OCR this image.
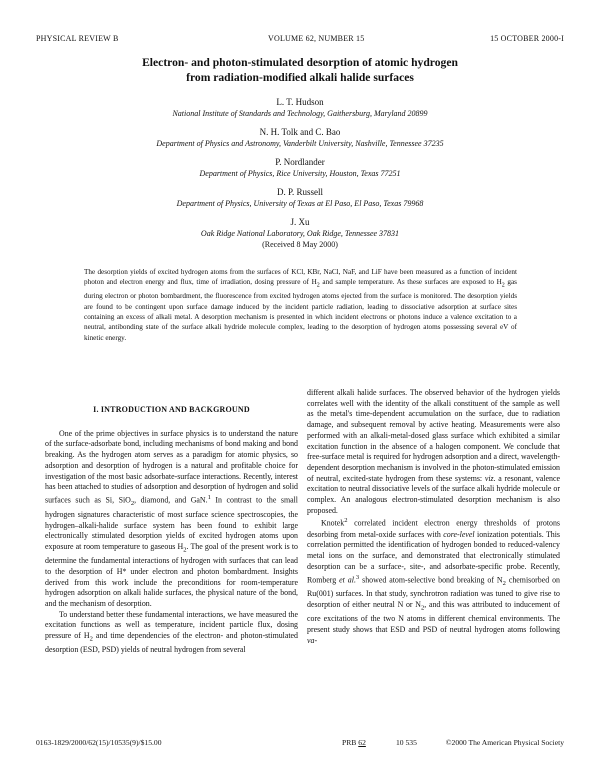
PHYSICAL REVIEW B	VOLUME 62, NUMBER 15	15 OCTOBER 2000-I
Electron- and photon-stimulated desorption of atomic hydrogen
from radiation-modified alkali halide surfaces
L. T. Hudson
National Institute of Standards and Technology, Gaithersburg, Maryland 20899
N. H. Tolk and C. Bao
Department of Physics and Astronomy, Vanderbilt University, Nashville, Tennessee 37235
P. Nordlander
Department of Physics, Rice University, Houston, Texas 77251
D. P. Russell
Department of Physics, University of Texas at El Paso, El Paso, Texas 79968
J. Xu
Oak Ridge National Laboratory, Oak Ridge, Tennessee 37831
(Received 8 May 2000)
The desorption yields of excited hydrogen atoms from the surfaces of KCl, KBr, NaCl, NaF, and LiF have been measured as a function of incident photon and electron energy and flux, time of irradiation, dosing pressure of $H_2$ and sample temperature. As these surfaces are exposed to $H_2$ gas during electron or photon bombardment, the fluorescence from excited hydrogen atoms ejected from the surface is monitored. The desorption yields are found to be contingent upon surface damage induced by the incident particle radiation, leading to dissociative adsorption at surface sites containing an excess of alkali metal. A desorption mechanism is presented in which incident electrons or photons induce a valence excitation to a neutral, antibonding state of the surface alkali hydride molecule complex, leading to the desorption of hydrogen atoms possessing several eV of kinetic energy.
I. INTRODUCTION AND BACKGROUND

One of the prime objectives in surface physics is to understand the nature of the surface-adsorbate bond, including mechanisms of bond making and bond breaking. As the hydrogen atom serves as a paradigm for atomic physics, so adsorption and desorption of hydrogen is a natural and profitable choice for investigation of the most basic adsorbate-surface interactions. Recently, interest has been attached to studies of adsorption and desorption of hydrogen and solid surfaces such as Si, SiO$_2$, diamond, and GaN.$^1$ In contrast to the small hydrogen signatures characteristic of most surface science spectroscopies, the hydrogen–alkali-halide surface system has been found to exhibit large electronically stimulated desorption yields of excited hydrogen atoms upon exposure at room temperature to gaseous $H_2$. The goal of the present work is to determine the fundamental interactions of hydrogen with surfaces that can lead to the desorption of H* under electron and photon bombardment. Insights derived from this work include the preconditions for room-temperature hydrogen adsorption on alkali halide surfaces, the physical nature of the bond, and the mechanism of desorption.

To understand better these fundamental interactions, we have measured the excitation functions as well as temperature, incident particle flux, dosing pressure of $H_2$ and time dependencies of the electron- and photon-stimulated desorption (ESD, PSD) yields of neutral hydrogen from several

different alkali halide surfaces. The observed behavior of the hydrogen yields correlates well with the identity of the alkali constituent of the sample as well as the metal's time-dependent accumulation on the surface, due to radiation damage, and subsequent removal by active heating. Measurements were also performed with an alkali-metal-dosed glass surface which exhibited a similar excitation function in the absence of a halogen component. We conclude that free-surface metal is required for hydrogen adsorption and a direct, wavelength-dependent desorption mechanism is involved in the photon-stimulated emission of neutral, excited-state hydrogen from these systems: viz. a resonant, valence excitation to neutral dissociative levels of the surface alkali hydride molecule or complex. An analogous electron-stimulated desorption mechanism is also proposed.

Knotek$^2$ correlated incident electron energy thresholds of protons desorbing from metal-oxide surfaces with core-level ionization potentials. This correlation permitted the identification of hydrogen bonded to reduced-valency metal ions on the surface, and demonstrated that electronically stimulated desorption can be a surface-, site-, and adsorbate-specific probe. Recently, Romberg et al.$^3$ showed atom-selective bond breaking of $N_2$ chemisorbed on Ru(001) surfaces. In that study, synchrotron radiation was tuned to give rise to desorption of either neutral N or $N_2$, and this was attributed to inducement of core excitations of the two N atoms in different chemical environments. The present study shows that ESD and PSD of neutral hydrogen atoms following va-

0163-1829/2000/62(15)/10535(9)/$15.00	PRB 62	10 535	©2000 The American Physical Society
